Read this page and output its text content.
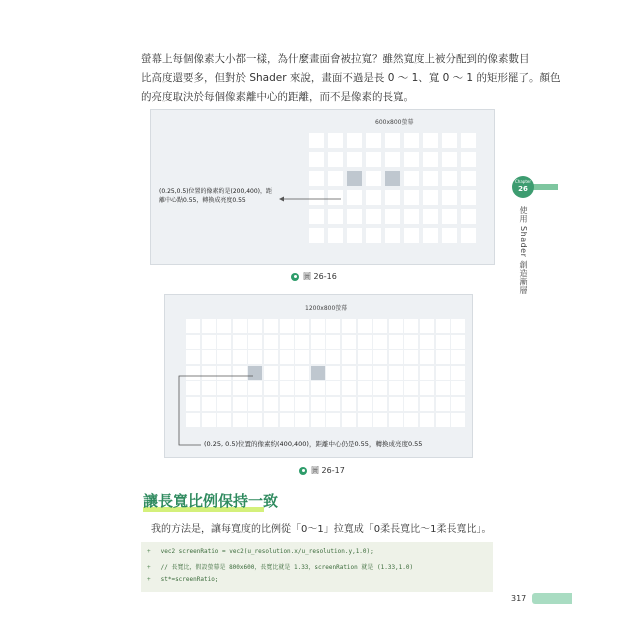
螢幕上每個像素大小都一樣，為什麼畫面會被拉寬？雖然寬度上被分配到的像素數目
比高度還要多，但對於 Shader 來說，畫面不過是長 0 ～ 1、寬 0 ～ 1 的矩形罷了。顏色
的亮度取決於每個像素離中心的距離，而不是像素的長寬。
600x800螢幕
(0.25,0.5)位置的像素約是(200,400)，距
離中心點0.55，轉換成亮度0.55
圖 26-16
1200x800螢幕
(0.25, 0.5)位置的像素約(400,400)，距離中心仍是0.55，轉換成亮度0.55
圖 26-17
Chapter
26
使用 Shader 創造漸層
讓長寬比例保持一致
我的方法是，讓每寬度的比例從「0～1」拉寬成「0柔長寬比～1柔長寬比」。
+ vec2 screenRatio = vec2(u_resolution.x/u_resolution.y,1.0);
+ // 長寬比，假設螢幕是 800x600，長寬比就是 1.33，screenRation 就是 (1.33,1.0)
+ st*=screenRatio;
317
